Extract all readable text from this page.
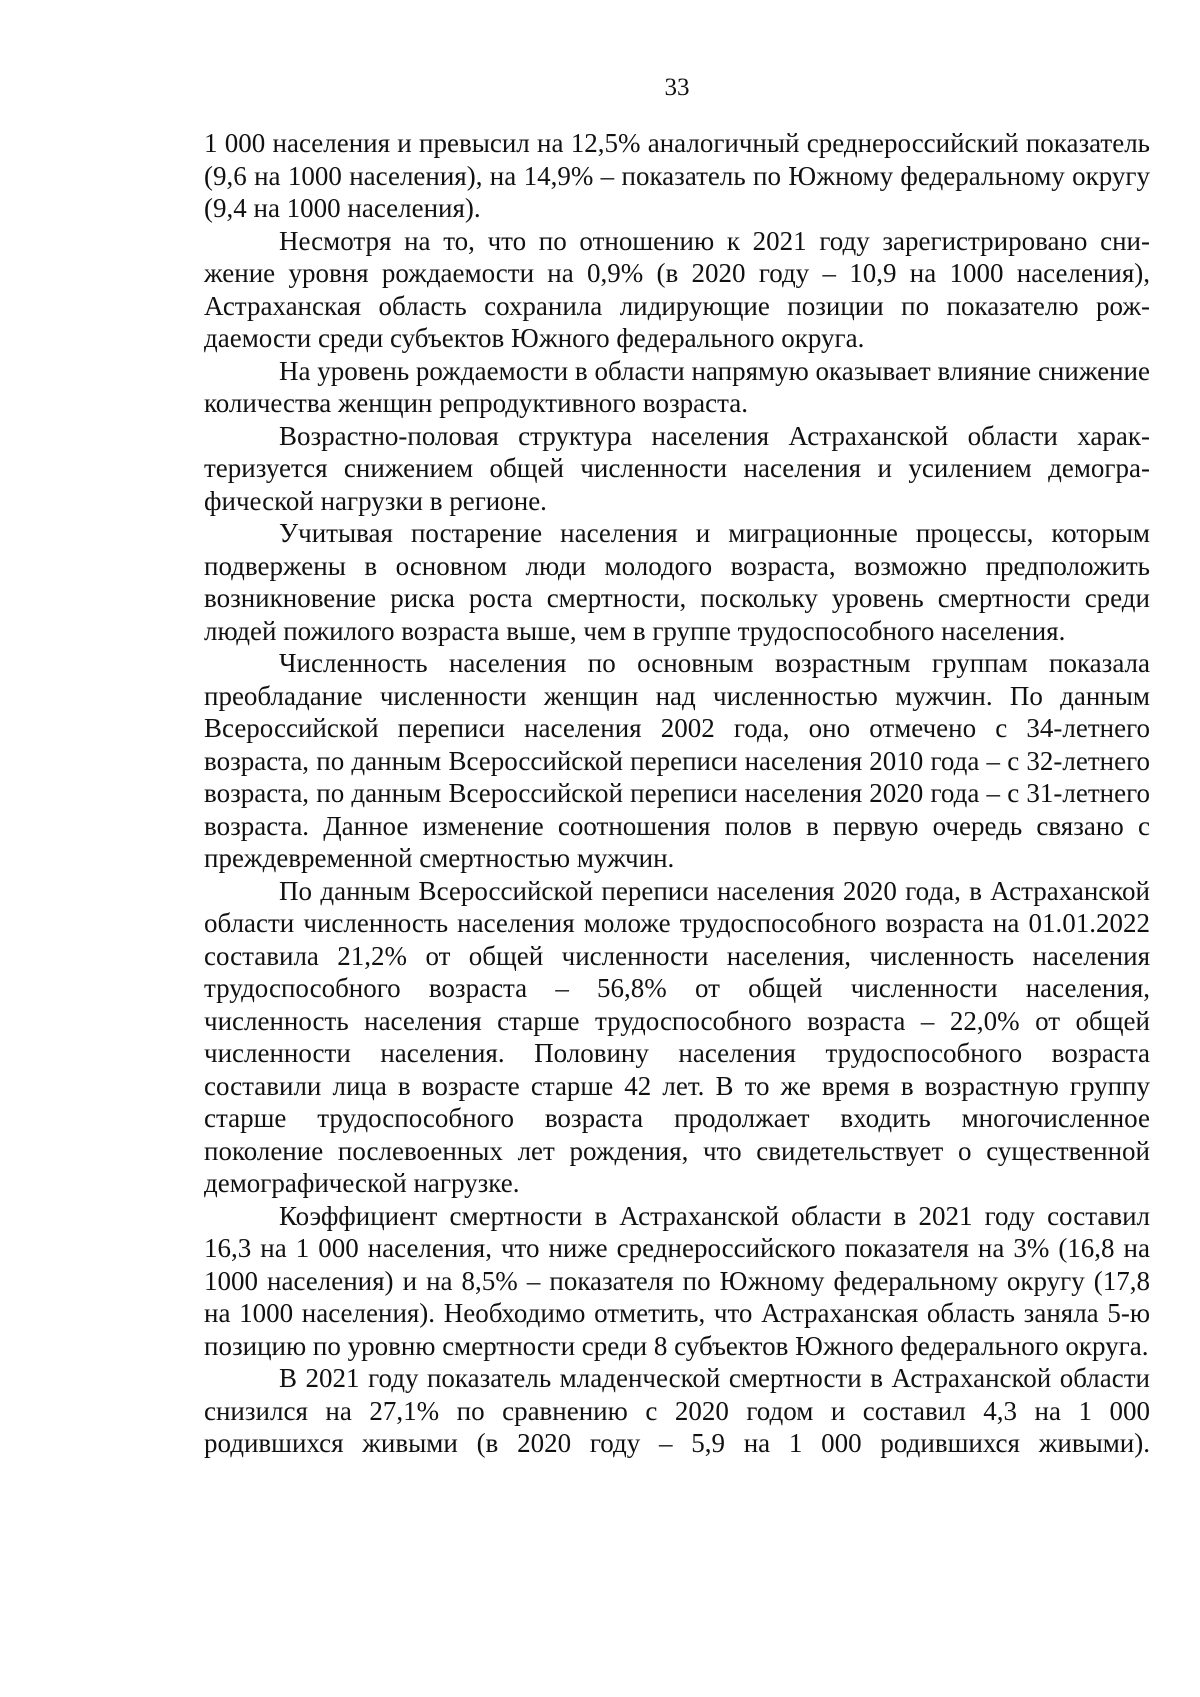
33

1 000 населения и превысил на 12,5% аналогичный среднероссийский показатель (9,6 на 1000 населения), на 14,9% – показатель по Южному федеральному округу (9,4 на 1000 населения).

Несмотря на то, что по отношению к 2021 году зарегистрировано снижение уровня рождаемости на 0,9% (в 2020 году – 10,9 на 1000 населения), Астраханская область сохранила лидирующие позиции по показателю рождаемости среди субъектов Южного федерального округа.

На уровень рождаемости в области напрямую оказывает влияние снижение количества женщин репродуктивного возраста.

Возрастно-половая структура населения Астраханской области характеризуется снижением общей численности населения и усилением демографической нагрузки в регионе.

Учитывая постарение населения и миграционные процессы, которым подвержены в основном люди молодого возраста, возможно предположить возникновение риска роста смертности, поскольку уровень смертности среди людей пожилого возраста выше, чем в группе трудоспособного населения.

Численность населения по основным возрастным группам показала преобладание численности женщин над численностью мужчин. По данным Всероссийской переписи населения 2002 года, оно отмечено с 34-летнего возраста, по данным Всероссийской переписи населения 2010 года – с 32-летнего возраста, по данным Всероссийской переписи населения 2020 года – с 31-летнего возраста. Данное изменение соотношения полов в первую очередь связано с преждевременной смертностью мужчин.

По данным Всероссийской переписи населения 2020 года, в Астраханской области численность населения моложе трудоспособного возраста на 01.01.2022 составила 21,2% от общей численности населения, численность населения трудоспособного возраста – 56,8% от общей численности населения, численность населения старше трудоспособного возраста – 22,0% от общей численности населения. Половину населения трудоспособного возраста составили лица в возрасте старше 42 лет. В то же время в возрастную группу старше трудоспособного возраста продолжает входить многочисленное поколение послевоенных лет рождения, что свидетельствует о существенной демографической нагрузке.

Коэффициент смертности в Астраханской области в 2021 году составил 16,3 на 1 000 населения, что ниже среднероссийского показателя на 3% (16,8 на 1000 населения) и на 8,5% – показателя по Южному федеральному округу (17,8 на 1000 населения). Необходимо отметить, что Астраханская область заняла 5-ю позицию по уровню смертности среди 8 субъектов Южного федерального округа.

В 2021 году показатель младенческой смертности в Астраханской области снизился на 27,1% по сравнению с 2020 годом и составил 4,3 на 1 000 родившихся живыми (в 2020 году – 5,9 на 1 000 родившихся живыми).
